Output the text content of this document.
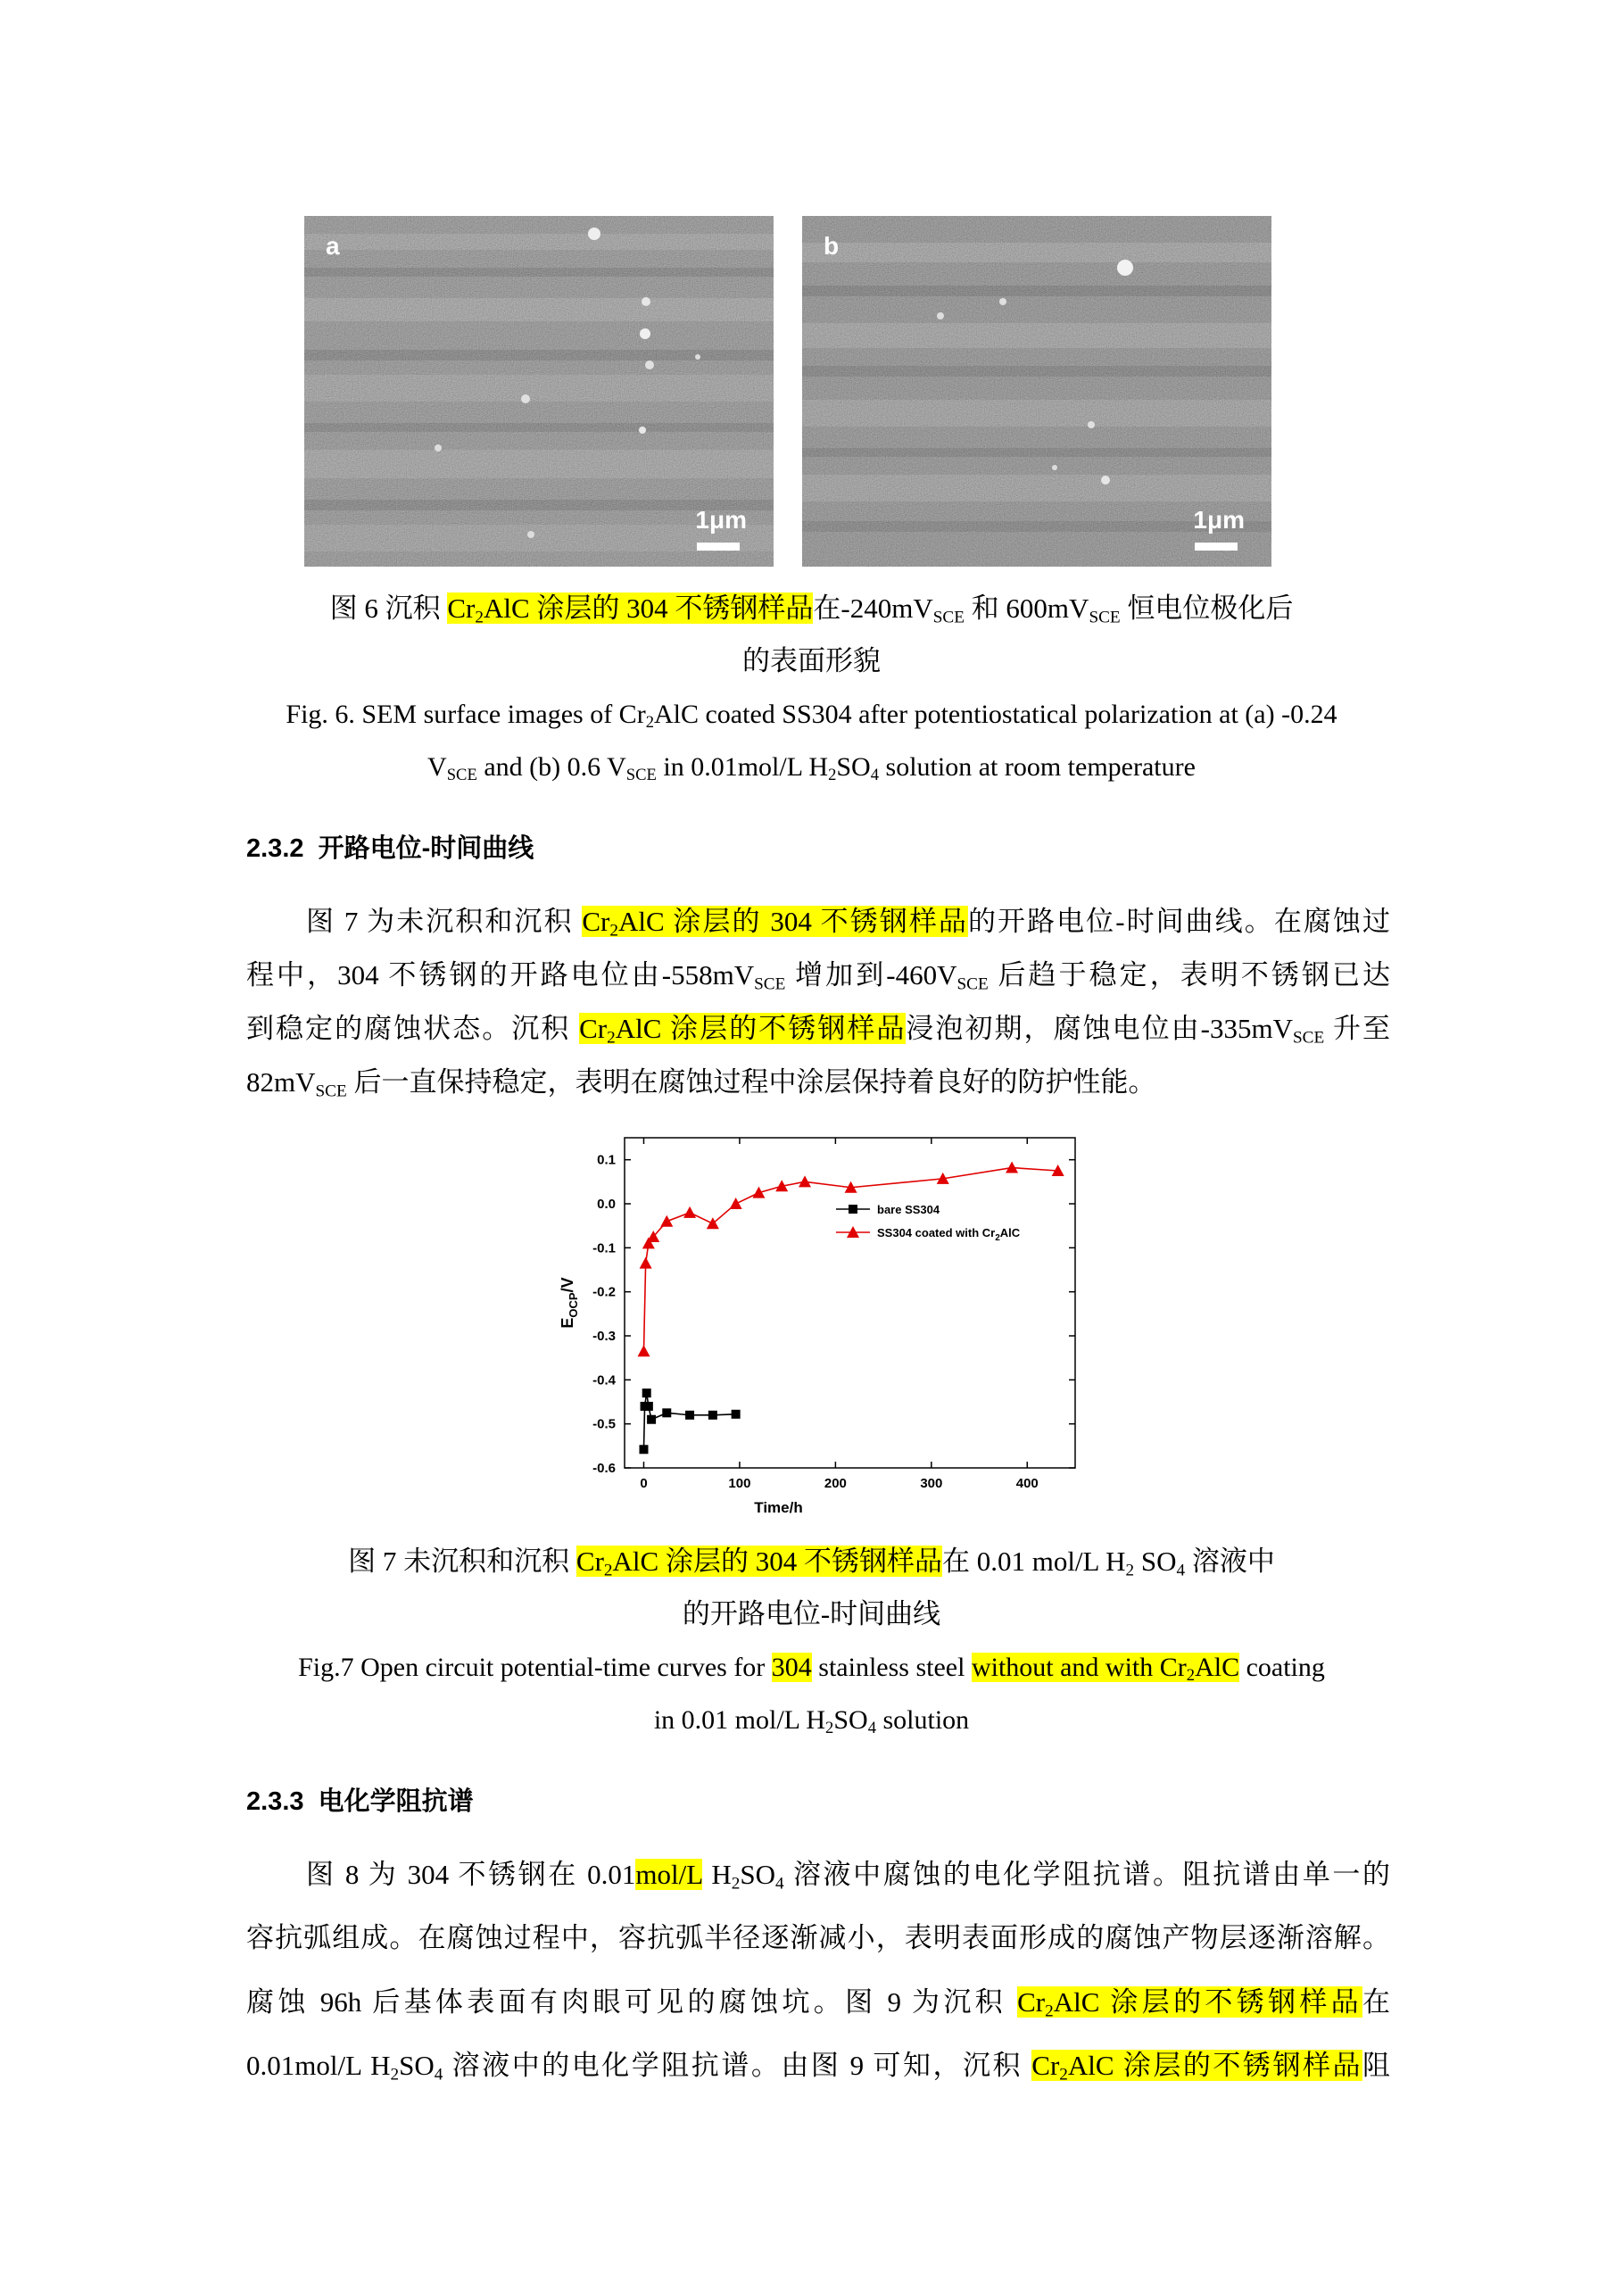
a
1μm
b
1μm
图 6 沉积 $Cr_2AlC$ 涂层的 304 不锈钢样品在$-240mV_{SCE}$ 和 $600mV_{SCE}$ 恒电位极化后
的表面形貌
Fig. 6. SEM surface images of $Cr_2AlC$ coated SS304 after potentiostatical polarization at (a) -0.24
$V_{SCE}$ and (b) 0.6 $V_{SCE}$ in 0.01mol/L $H_2SO_4$ solution at room temperature
2.3.2 开路电位-时间曲线
图 7 为未沉积和沉积 $Cr_2AlC$ 涂层的 304 不锈钢样品的开路电位-时间曲线。在腐蚀过
程中，304 不锈钢的开路电位由$-558mV_{SCE}$ 增加到$-460V_{SCE}$ 后趋于稳定，表明不锈钢已达
到稳定的腐蚀状态。沉积 $Cr_2AlC$ 涂层的不锈钢样品浸泡初期，腐蚀电位由$-335mV_{SCE}$ 升至
$82mV_{SCE}$ 后一直保持稳定，表明在腐蚀过程中涂层保持着良好的防护性能。
0.1
0.0
-0.1
-0.2
-0.3
-0.4
-0.5
-0.6
0	100	200	300	400
Time/h
$E_{OCP}/V$
bare SS304
SS304 coated with $Cr_2AlC$
图 7 未沉积和沉积 $Cr_2AlC$ 涂层的 304 不锈钢样品在 0.01 mol/L $H_2$ $SO_4$ 溶液中
的开路电位-时间曲线
Fig.7 Open circuit potential-time curves for 304 stainless steel without and with $Cr_2AlC$ coating
in 0.01 mol/L $H_2SO_4$ solution
2.3.3 电化学阻抗谱
图 8 为 304 不锈钢在 0.01mol/L $H_2SO_4$ 溶液中腐蚀的电化学阻抗谱。阻抗谱由单一的
容抗弧组成。在腐蚀过程中，容抗弧半径逐渐减小，表明表面形成的腐蚀产物层逐渐溶解。
腐蚀 96h 后基体表面有肉眼可见的腐蚀坑。图 9 为沉积 $Cr_2AlC$ 涂层的不锈钢样品在
0.01mol/L $H_2SO_4$ 溶液中的电化学阻抗谱。由图 9 可知，沉积 $Cr_2AlC$ 涂层的不锈钢样品阻
